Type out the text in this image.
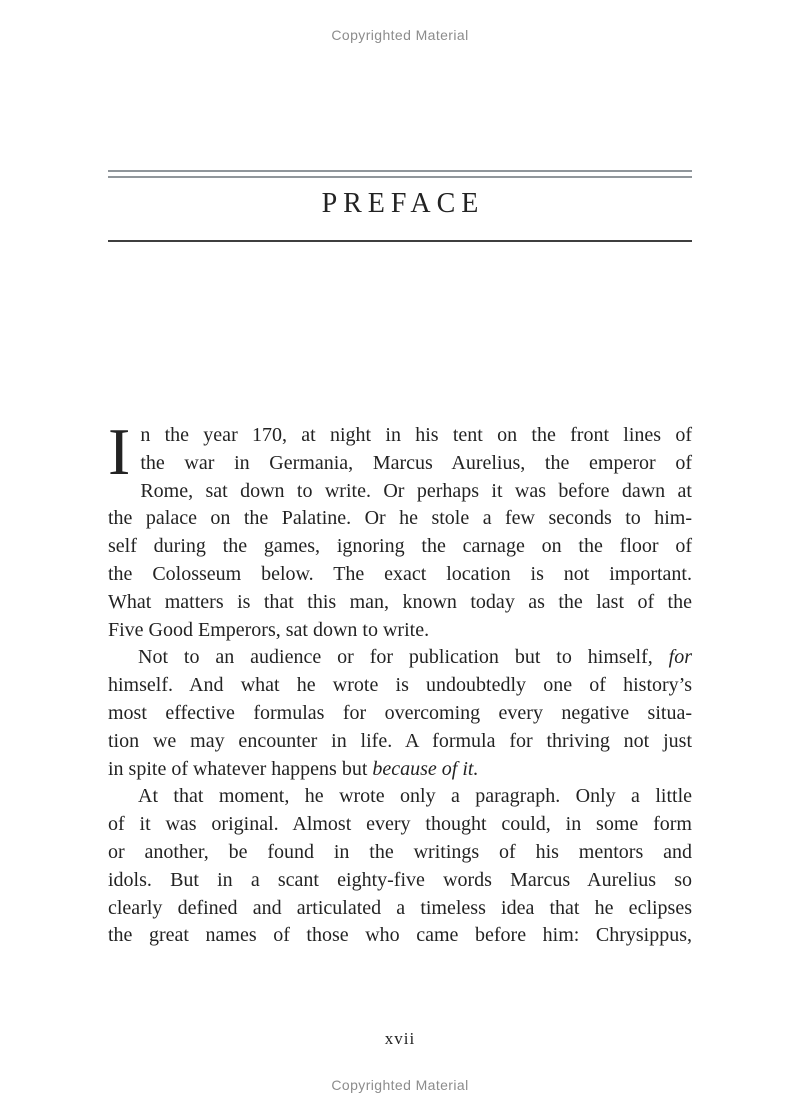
Copyrighted Material
PREFACE
I n the year 170, at night in his tent on the front lines of
the war in Germania, Marcus Aurelius, the emperor of
Rome, sat down to write. Or perhaps it was before dawn at
the palace on the Palatine. Or he stole a few seconds to him-
self during the games, ignoring the carnage on the floor of
the Colosseum below. The exact location is not important.
What matters is that this man, known today as the last of the
Five Good Emperors, sat down to write.
Not to an audience or for publication but to himself, for
himself. And what he wrote is undoubtedly one of history’s
most effective formulas for overcoming every negative situa-
tion we may encounter in life. A formula for thriving not just
in spite of whatever happens but because of it.
At that moment, he wrote only a paragraph. Only a little
of it was original. Almost every thought could, in some form
or another, be found in the writings of his mentors and
idols. But in a scant eighty-five words Marcus Aurelius so
clearly defined and articulated a timeless idea that he eclipses
the great names of those who came before him: Chrysippus,
xvii
Copyrighted Material
